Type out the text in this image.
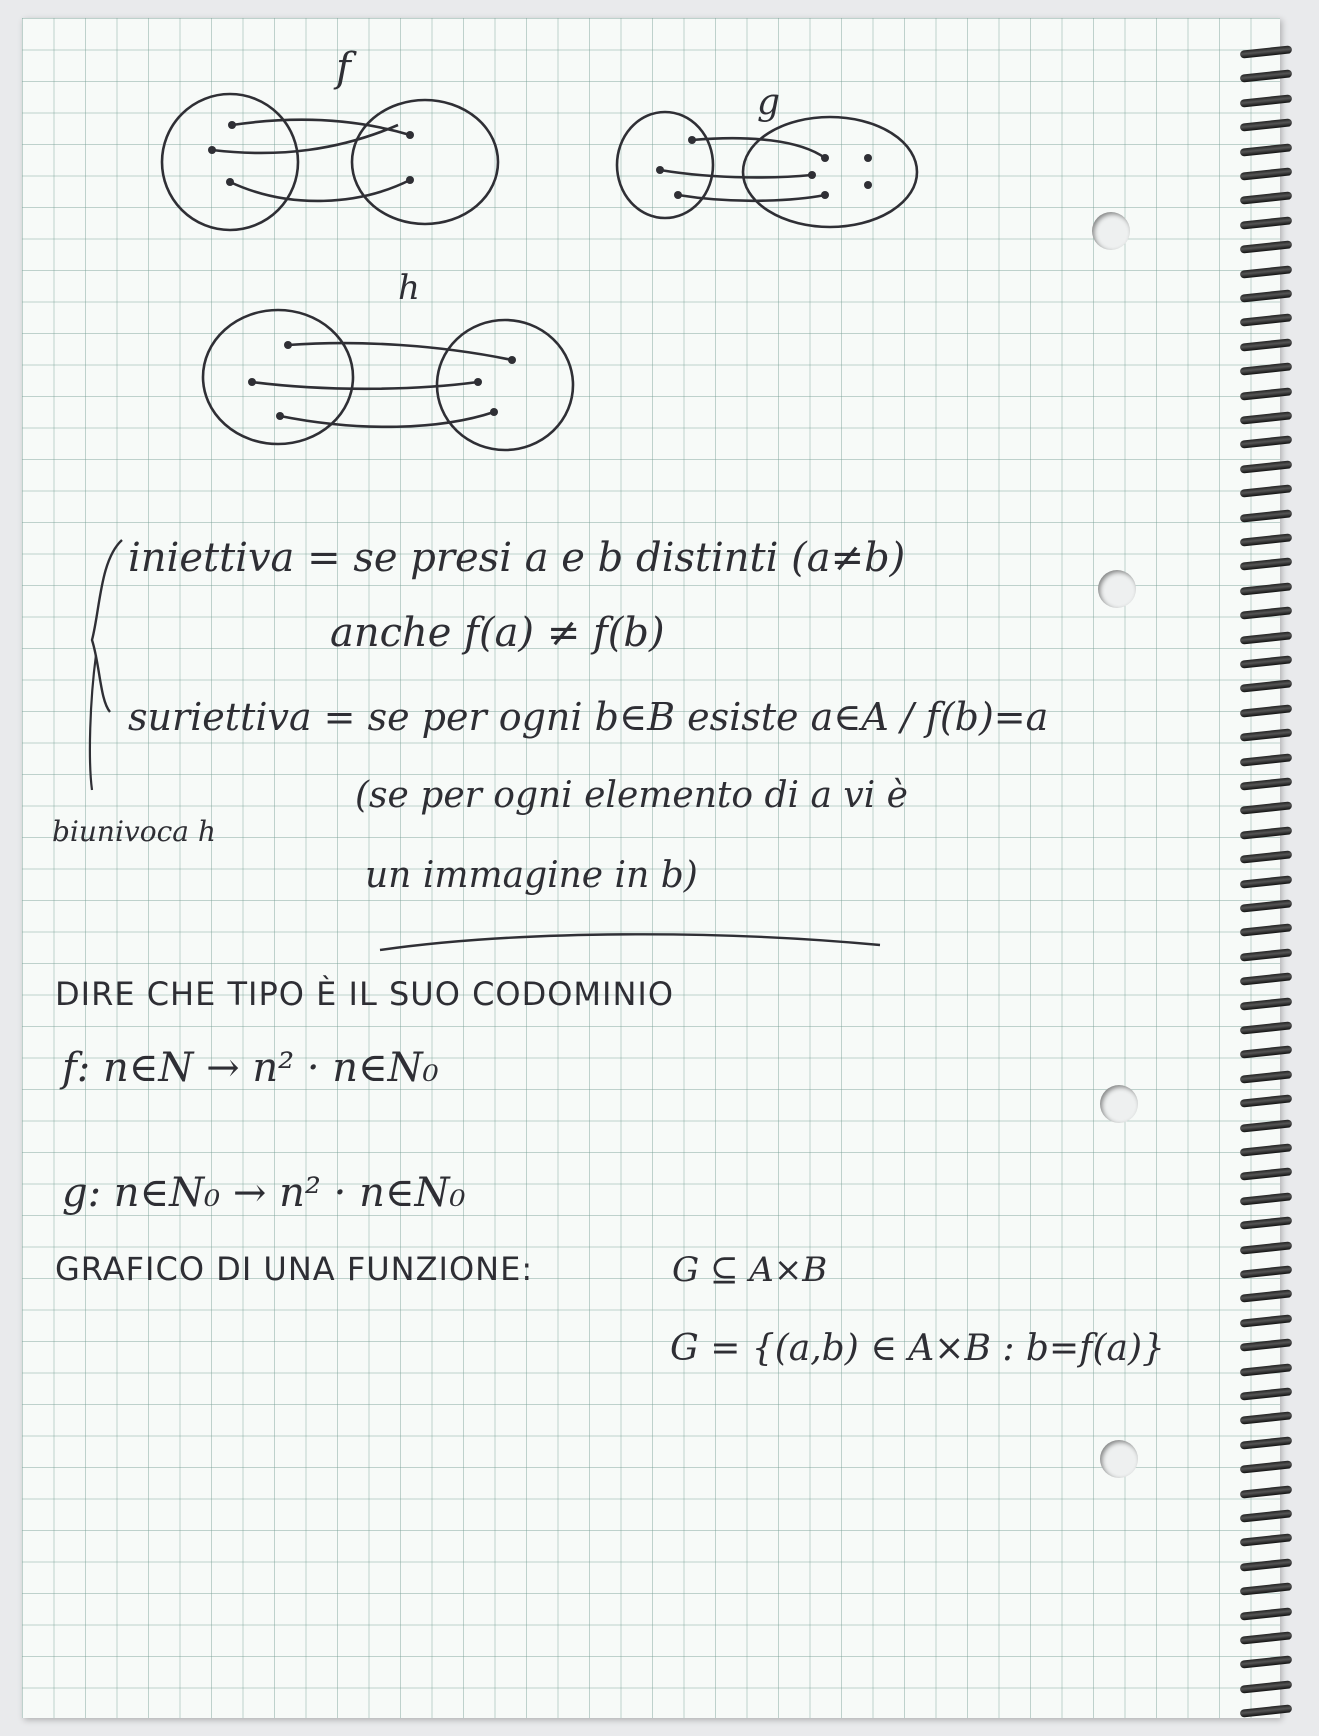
f
g
h
iniettiva = se presi a e b distinti (a≠b)
anche f(a) ≠ f(b)
suriettiva = se per ogni b∈B esiste a∈A / f(b)=a
(se per ogni elemento di a vi è
un immagine in b)
biunivoca h
DIRE CHE TIPO È IL SUO CODOMINIO
f: n∈N → n² · n∈N₀
g: n∈N₀ → n² · n∈N₀
GRAFICO DI UNA FUNZIONE:	G ⊆ A×B
G = {(a,b) ∈ A×B : b=f(a)}
